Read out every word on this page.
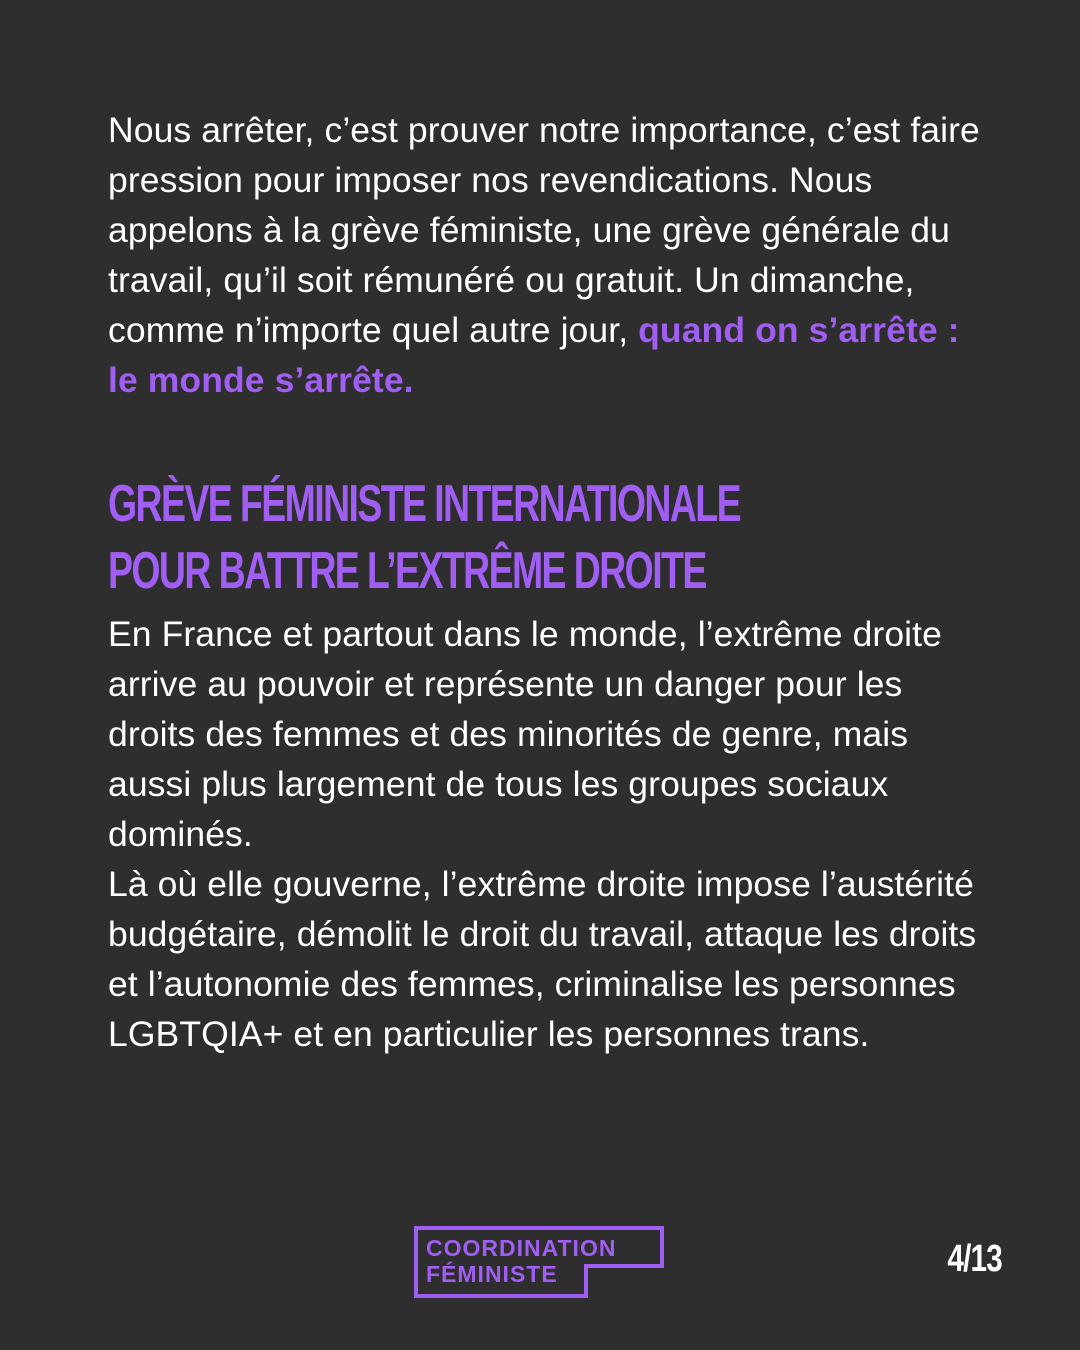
Nous arrêter, c’est prouver notre importance, c’est faire pression pour imposer nos revendications. Nous appelons à la grève féministe, une grève générale du travail, qu’il soit rémunéré ou gratuit. Un dimanche, comme n’importe quel autre jour, quand on s’arrête : le monde s’arrête.

GRÈVE FÉMINISTE INTERNATIONALE
POUR BATTRE L’EXTRÊME DROITE

En France et partout dans le monde, l’extrême droite arrive au pouvoir et représente un danger pour les droits des femmes et des minorités de genre, mais aussi plus largement de tous les groupes sociaux dominés.

Là où elle gouverne, l’extrême droite impose l’austérité budgétaire, démolit le droit du travail, attaque les droits et l’autonomie des femmes, criminalise les personnes LGBTQIA+ et en particulier les personnes trans.

COORDINATION
FÉMINISTE	4/13
